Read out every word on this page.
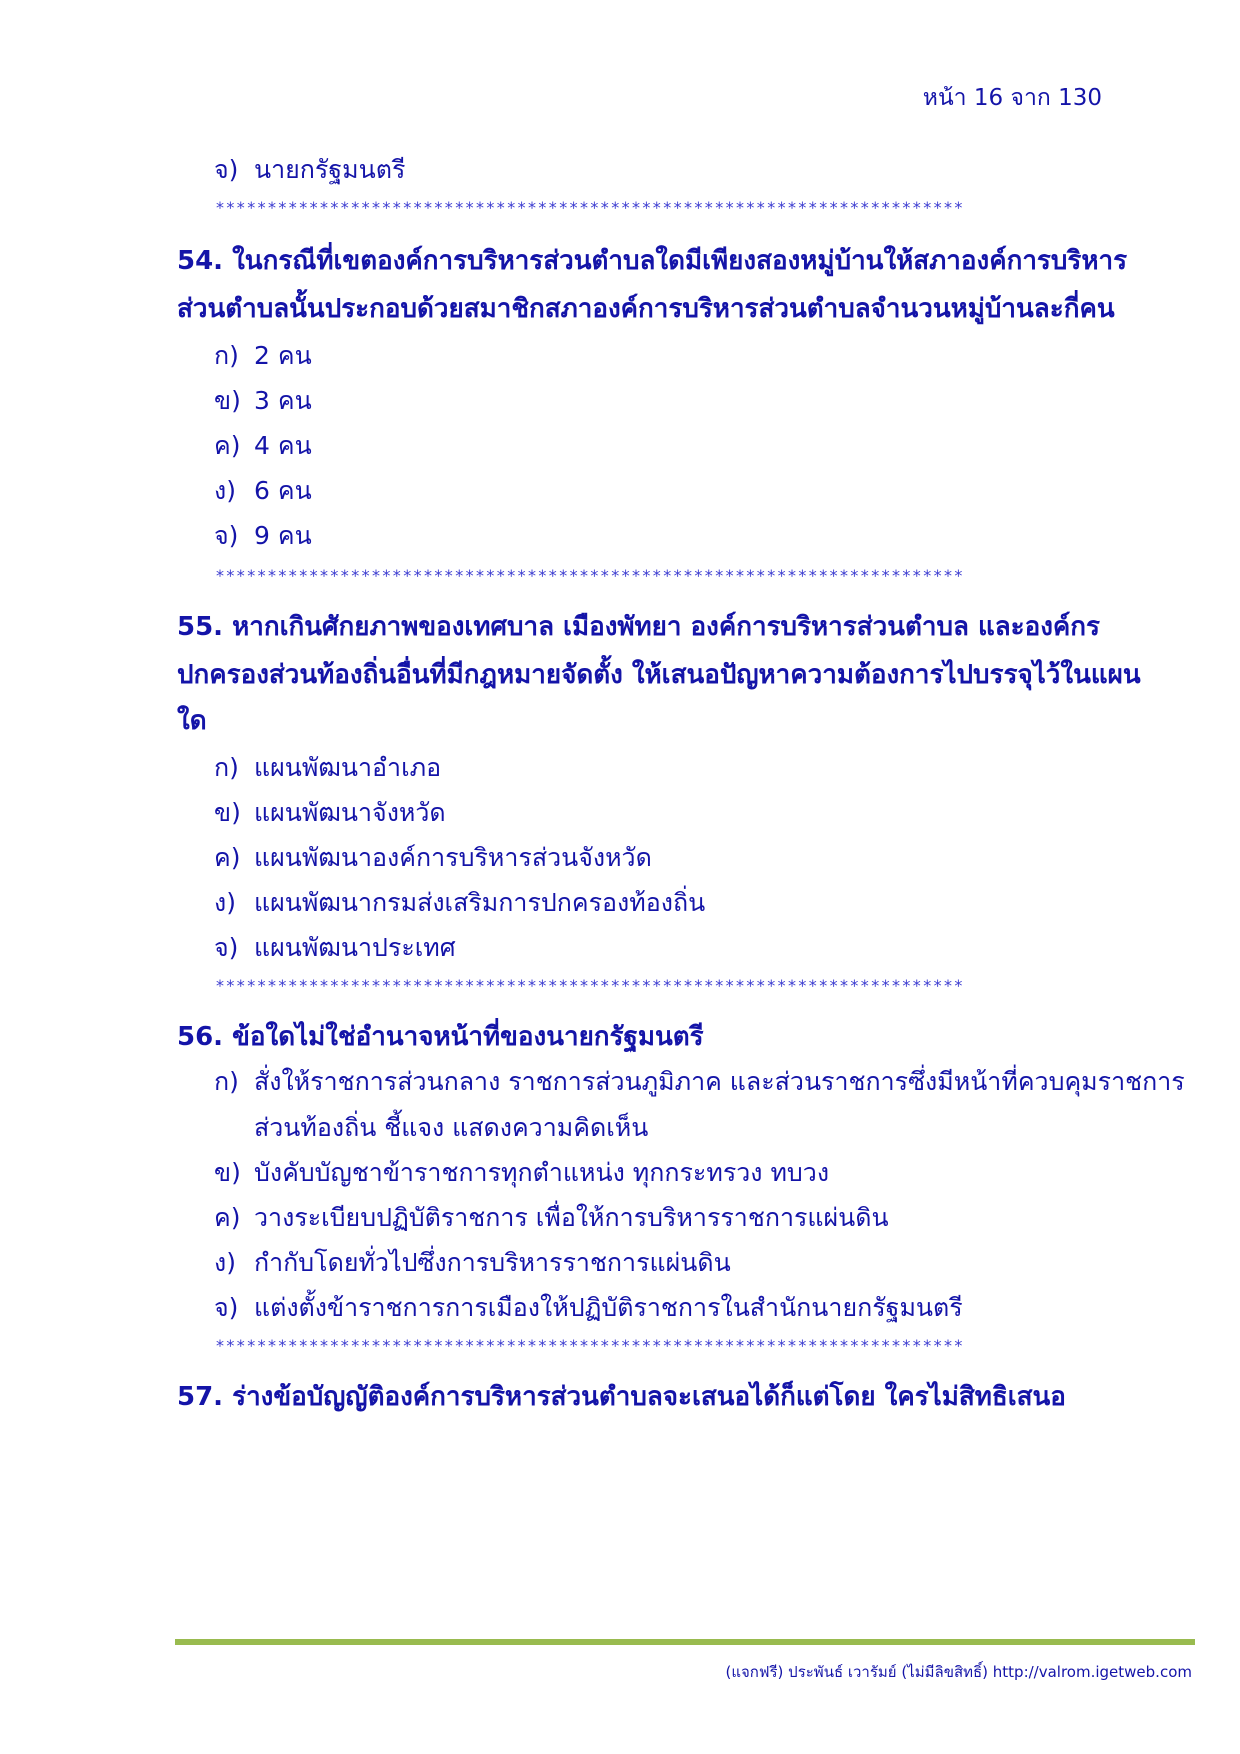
หน้า 16 จาก 130
จ) นายกรัฐมนตรี
************************************************************************
54. ในกรณีที่เขตองค์การบริหารส่วนตำบลใดมีเพียงสองหมู่บ้านให้สภาองค์การบริหาร
ส่วนตำบลนั้นประกอบด้วยสมาชิกสภาองค์การบริหารส่วนตำบลจำนวนหมู่บ้านละกี่คน
ก) 2 คน
ข) 3 คน
ค) 4 คน
ง) 6 คน
จ) 9 คน
************************************************************************
55. หากเกินศักยภาพของเทศบาล เมืองพัทยา องค์การบริหารส่วนตำบล และองค์กร
ปกครองส่วนท้องถิ่นอื่นที่มีกฎหมายจัดตั้ง ให้เสนอปัญหาความต้องการไปบรรจุไว้ในแผน
ใด
ก) แผนพัฒนาอำเภอ
ข) แผนพัฒนาจังหวัด
ค) แผนพัฒนาองค์การบริหารส่วนจังหวัด
ง) แผนพัฒนากรมส่งเสริมการปกครองท้องถิ่น
จ) แผนพัฒนาประเทศ
************************************************************************
56. ข้อใดไม่ใช่อำนาจหน้าที่ของนายกรัฐมนตรี
ก) สั่งให้ราชการส่วนกลาง ราชการส่วนภูมิภาค และส่วนราชการซึ่งมีหน้าที่ควบคุมราชการ
ส่วนท้องถิ่น ชี้แจง แสดงความคิดเห็น
ข) บังคับบัญชาข้าราชการทุกตำแหน่ง ทุกกระทรวง ทบวง
ค) วางระเบียบปฏิบัติราชการ เพื่อให้การบริหารราชการแผ่นดิน
ง) กำกับโดยทั่วไปซึ่งการบริหารราชการแผ่นดิน
จ) แต่งตั้งข้าราชการการเมืองให้ปฏิบัติราชการในสำนักนายกรัฐมนตรี
************************************************************************
57. ร่างข้อบัญญัติองค์การบริหารส่วนตำบลจะเสนอได้ก็แต่โดย ใครไม่สิทธิเสนอ
(แจกฟรี) ประพันธ์ เวารัมย์ (ไม่มีลิขสิทธิ์) http://valrom.igetweb.com
